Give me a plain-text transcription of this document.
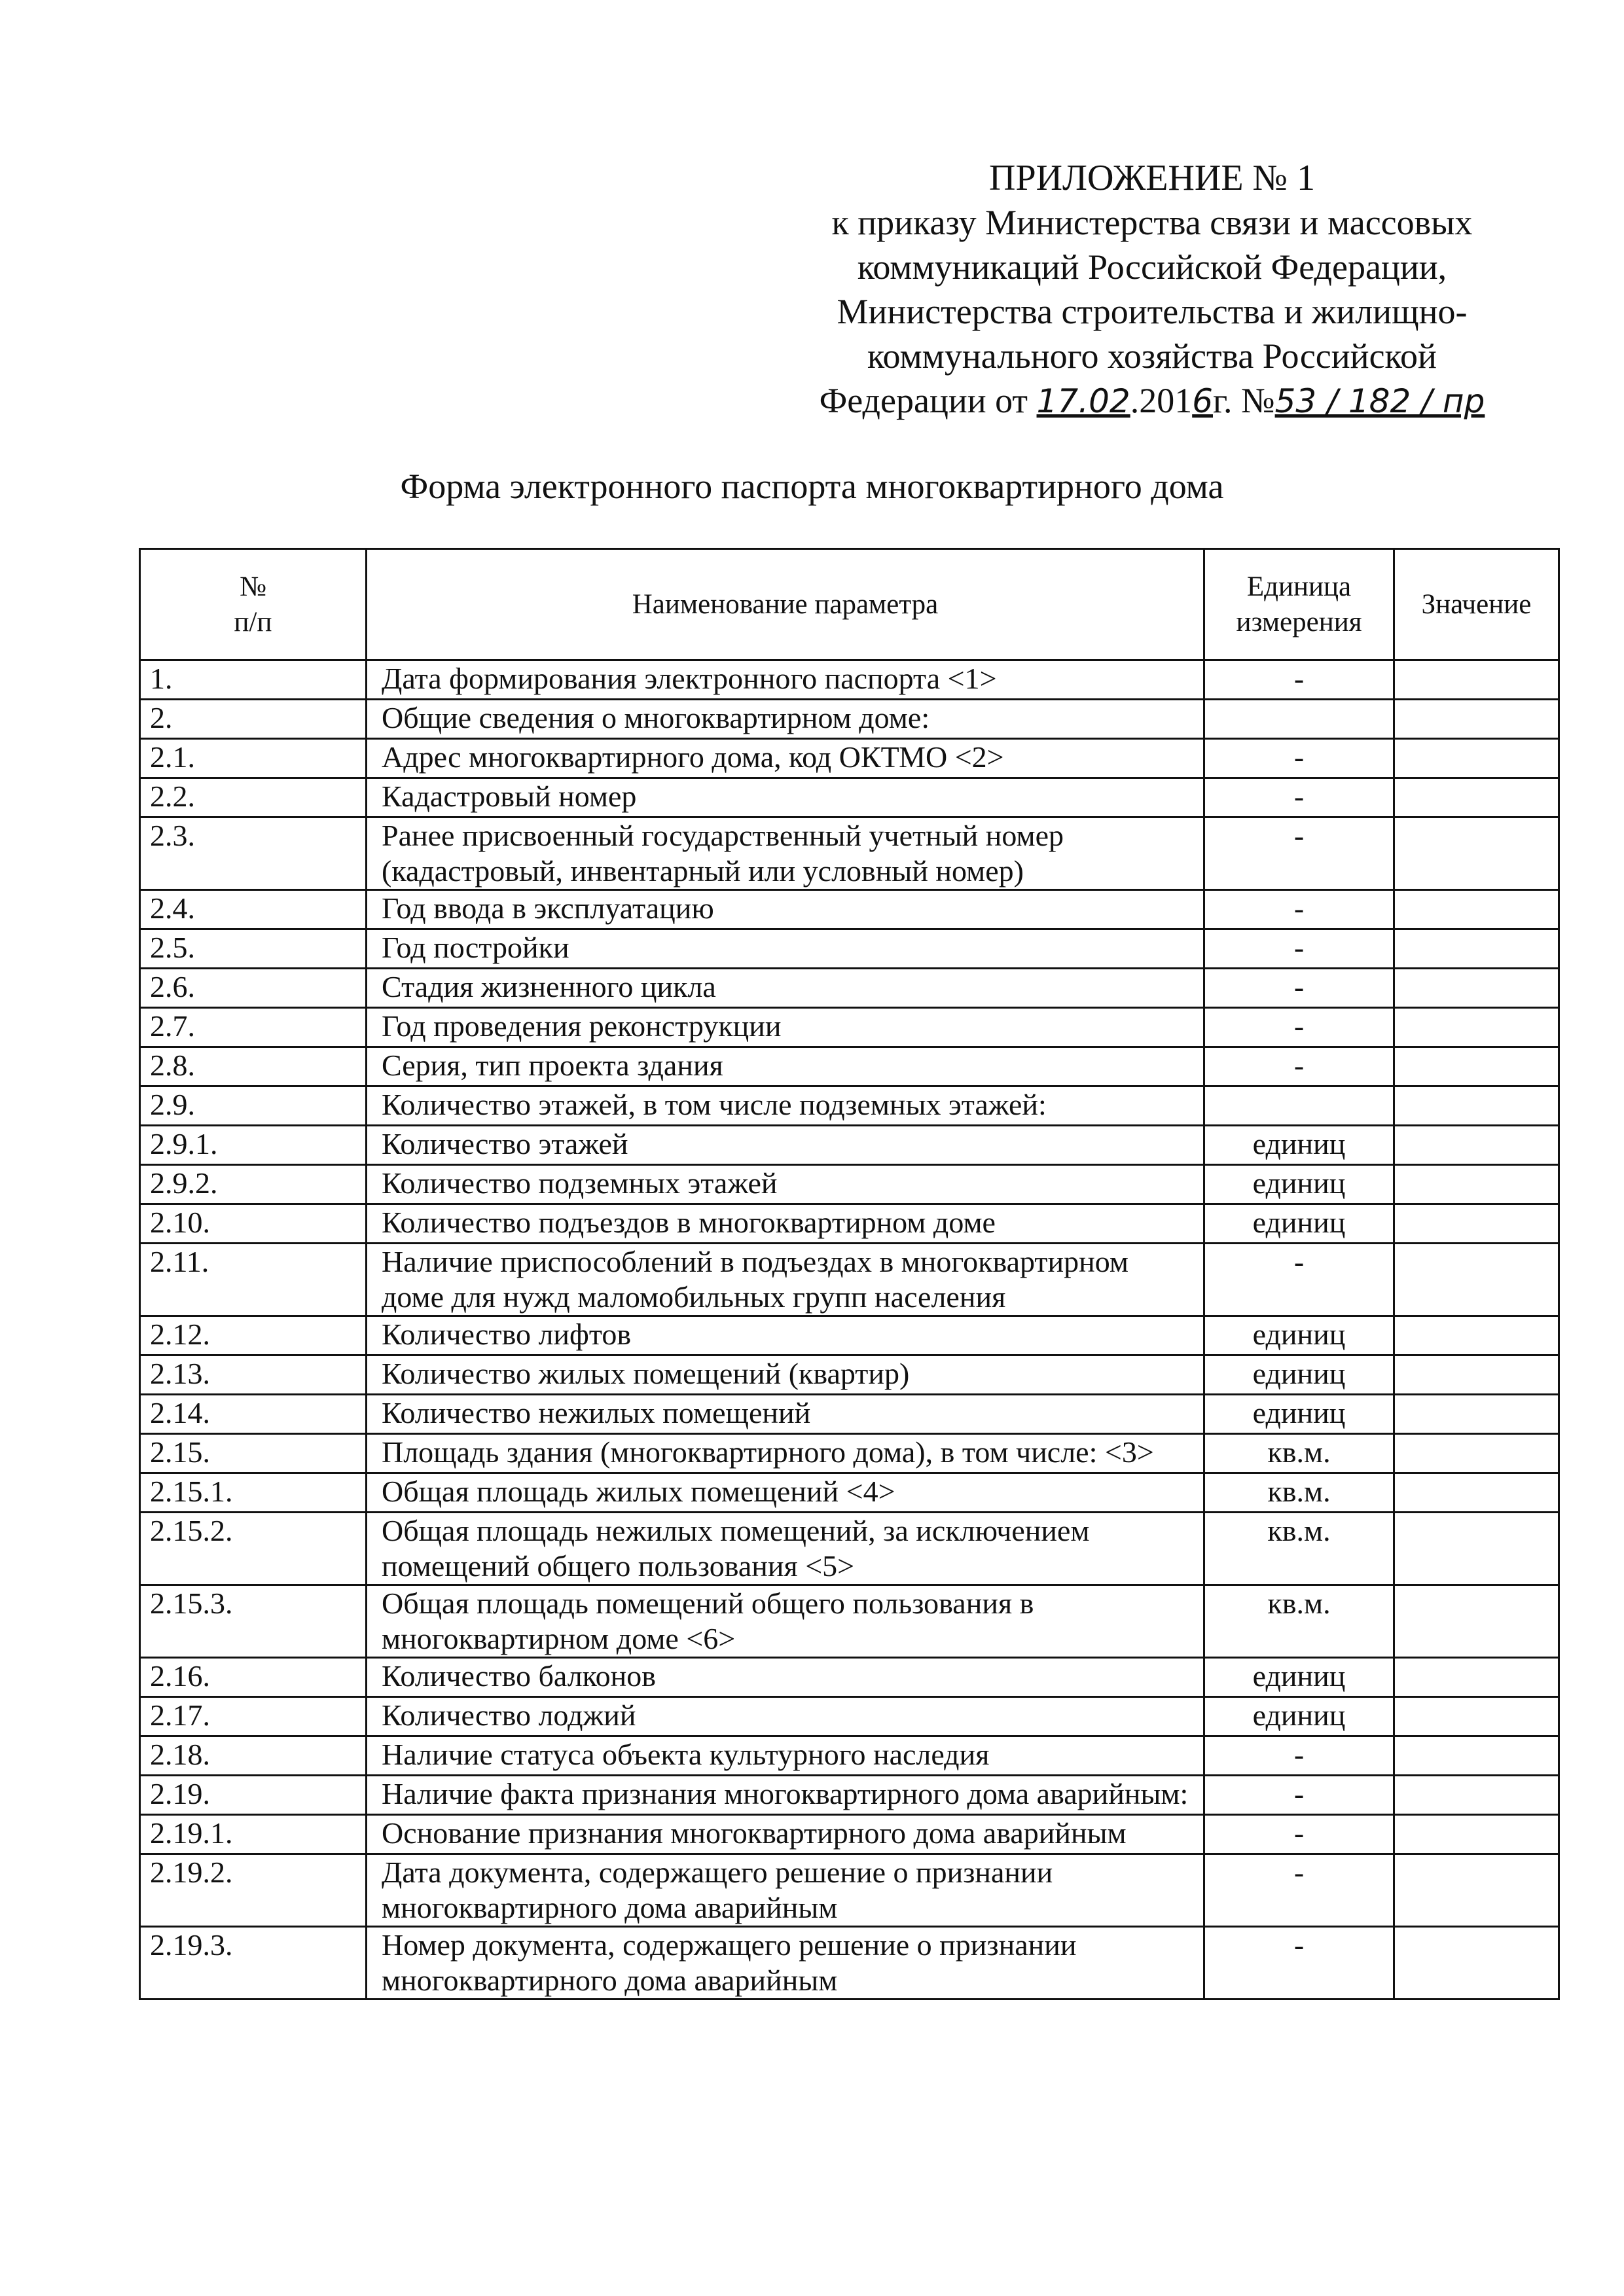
ПРИЛОЖЕНИЕ № 1
к приказу Министерства связи и массовых
коммуникаций Российской Федерации,
Министерства строительства и жилищно-
коммунального хозяйства Российской
Федерации от 17.02.2016г. №53 / 182 / пр
Форма электронного паспорта многоквартирного дома
№
п/п	Наименование параметра	Единица измерения	Значение
1.	Дата формирования электронного паспорта <1>	-	
2.	Общие сведения о многоквартирном доме:		
2.1.	Адрес многоквартирного дома, код ОКТМО <2>	-	
2.2.	Кадастровый номер	-	
2.3.	Ранее присвоенный государственный учетный номер (кадастровый, инвентарный или условный номер)	-	
2.4.	Год ввода в эксплуатацию	-	
2.5.	Год постройки	-	
2.6.	Стадия жизненного цикла	-	
2.7.	Год проведения реконструкции	-	
2.8.	Серия, тип проекта здания	-	
2.9.	Количество этажей, в том числе подземных этажей:		
2.9.1.	Количество этажей	единиц	
2.9.2.	Количество подземных этажей	единиц	
2.10.	Количество подъездов в многоквартирном доме	единиц	
2.11.	Наличие приспособлений в подъездах в многоквартирном доме для нужд маломобильных групп населения	-	
2.12.	Количество лифтов	единиц	
2.13.	Количество жилых помещений (квартир)	единиц	
2.14.	Количество нежилых помещений	единиц	
2.15.	Площадь здания (многоквартирного дома), в том числе: <3>	кв.м.	
2.15.1.	Общая площадь жилых помещений <4>	кв.м.	
2.15.2.	Общая площадь нежилых помещений, за исключением помещений общего пользования <5>	кв.м.	
2.15.3.	Общая площадь помещений общего пользования в многоквартирном доме <6>	кв.м.	
2.16.	Количество балконов	единиц	
2.17.	Количество лоджий	единиц	
2.18.	Наличие статуса объекта культурного наследия	-	
2.19.	Наличие факта признания многоквартирного дома аварийным:	-	
2.19.1.	Основание признания многоквартирного дома аварийным	-	
2.19.2.	Дата документа, содержащего решение о признании многоквартирного дома аварийным	-	
2.19.3.	Номер документа, содержащего решение о признании многоквартирного дома аварийным	-	
